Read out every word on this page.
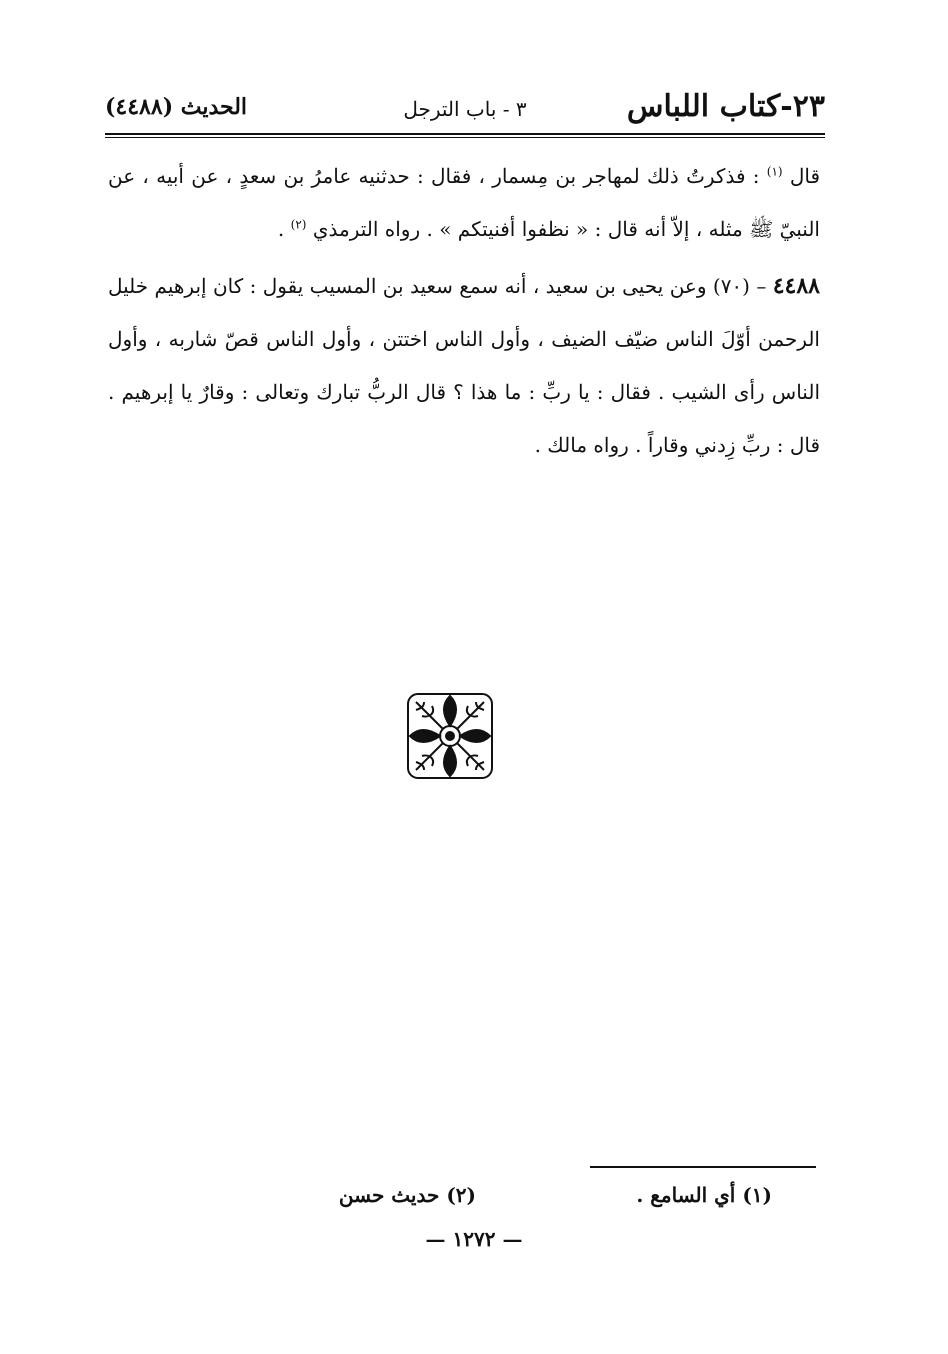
٢٣-كتاب اللباس
٣ - باب الترجل
الحديث (٤٤٨٨)

قال $^{(١)}$ : فذكرتُ ذلك لمهاجر بن مِسمار ، فقال : حدثنيه عامرُ بن سعدٍ ، عن أبيه ، عن النبيّ ﷺ مثله ، إلاّ أنه قال : « نظفوا أفنيتكم » . رواه الترمذي $^{(٢)}$ .

٤٤٨٨ – (٧٠) وعن يحيى بن سعيد ، أنه سمع سعيد بن المسيب يقول : كان إبرهيم خليل الرحمن أوّلَ الناس ضيّف الضيف ، وأول الناس اختتن ، وأول الناس قصّ شاربه ، وأول الناس رأى الشيب . فقال : يا ربِّ : ما هذا ؟ قال الربُّ تبارك وتعالى : وقارٌ يا إبرهيم . قال : ربِّ زِدني وقاراً . رواه مالك .

(١) أي السامع .
(٢) حديث حسن
— ١٢٧٢ —
